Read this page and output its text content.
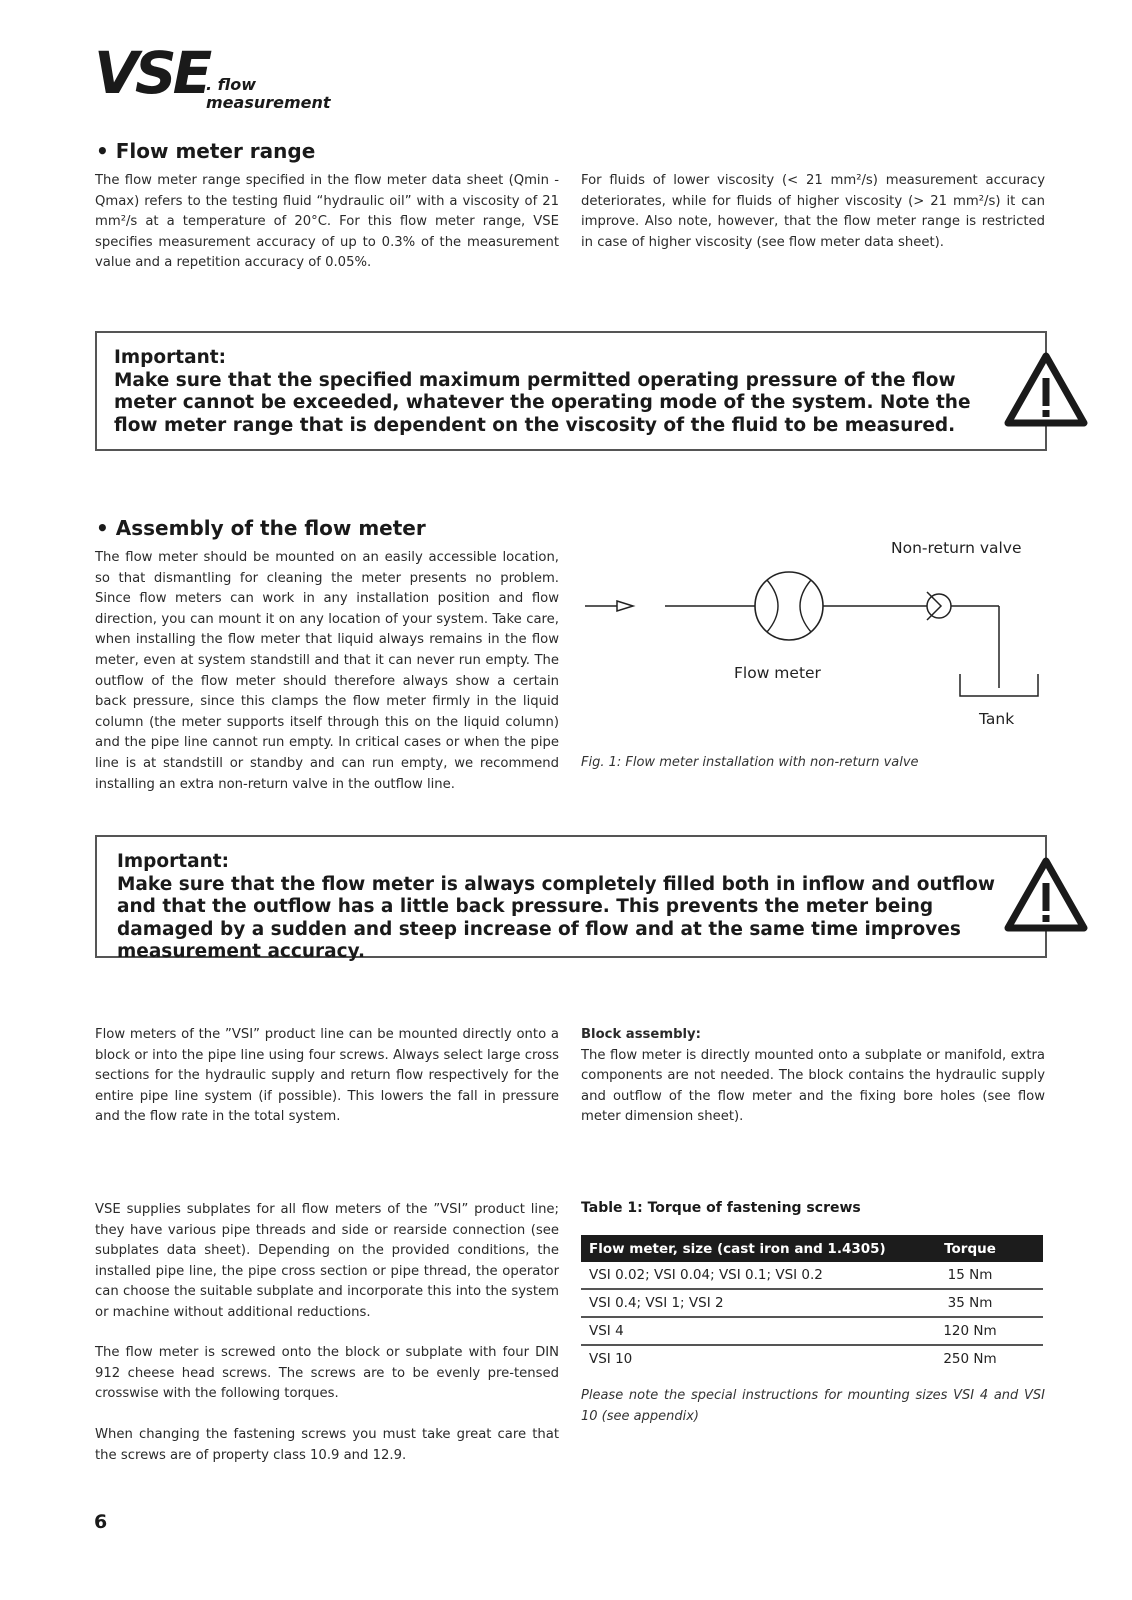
VSE
. flow
measurement
• Flow meter range
The flow meter range specified in the flow meter data sheet (Qmin - Qmax) refers to the testing fluid “hydraulic oil” with a viscosity of 21 mm²/s at a temperature of 20°C. For this flow meter range, VSE specifies measurement accuracy of up to 0.3% of the measurement value and a repetition accuracy of 0.05%.
For fluids of lower viscosity (< 21 mm²/s) measurement accuracy deteriorates, while for fluids of higher viscosity (> 21 mm²/s) it can improve. Also note, however, that the flow meter range is restricted in case of higher viscosity (see flow meter data sheet).

Important:

Make sure that the specified maximum permitted operating pressure of the flow meter cannot be exceeded, whatever the operating mode of the system. Note the flow meter range that is dependent on the viscosity of the fluid to be measured.

• Assembly of the flow meter
The flow meter should be mounted on an easily accessible location, so that dismantling for cleaning the meter presents no problem. Since flow meters can work in any installation position and flow direction, you can mount it on any location of your system. Take care, when installing the flow meter that liquid always remains in the flow meter, even at system standstill and that it can never run empty. The outflow of the flow meter should therefore always show a certain back pressure, since this clamps the flow meter firmly in the liquid column (the meter supports itself through this on the liquid column) and the pipe line cannot run empty. In critical cases or when the pipe line is at standstill or standby and can run empty, we recommend installing an extra non-return valve in the outflow line.
Non-return valve
Flow meter
Tank
Fig. 1: Flow meter installation with non-return valve

Important:

Make sure that the flow meter is always completely filled both in inflow and outflow and that the outflow has a little back pressure. This prevents the meter being damaged by a sudden and steep increase of flow and at the same time improves measurement accuracy.

Flow meters of the ”VSI” product line can be mounted directly onto a block or into the pipe line using four screws. Always select large cross sections for the hydraulic supply and return flow respectively for the entire pipe line system (if possible). This lowers the fall in pressure and the flow rate in the total system.

Block assembly:

The flow meter is directly mounted onto a subplate or manifold, extra components are not needed. The block contains the hydraulic supply and outflow of the flow meter and the fixing bore holes (see flow meter dimension sheet).

VSE supplies subplates for all flow meters of the ”VSI” product line; they have various pipe threads and side or rearside connection (see subplates data sheet). Depending on the provided conditions, the installed pipe line, the pipe cross section or pipe thread, the operator can choose the suitable subplate and incorporate this into the system or machine without additional reductions.
The flow meter is screwed onto the block or subplate with four DIN 912 cheese head screws. The screws are to be evenly pre-tensed crosswise with the following torques.
When changing the fastening screws you must take great care that the screws are of property class 10.9 and 12.9.
Table 1: Torque of fastening screws
Flow meter, size (cast iron and 1.4305)	Torque
VSI 0.02; VSI 0.04; VSI 0.1; VSI 0.2	15 Nm
VSI 0.4; VSI 1; VSI 2	35 Nm
VSI 4	120 Nm
VSI 10	250 Nm
Please note the special instructions for mounting sizes VSI 4 and VSI 10 (see appendix)
6
